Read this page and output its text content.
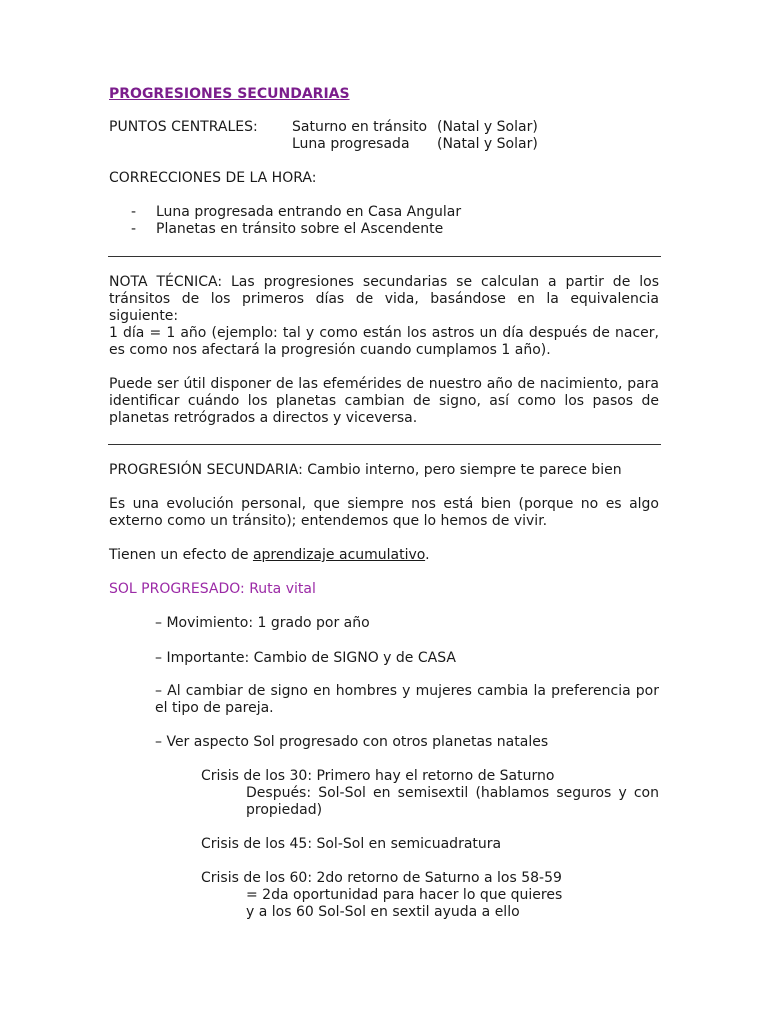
PROGRESIONES SECUNDARIAS
PUNTOS CENTRALES: Saturno en tránsito (Natal y Solar)
Luna progresada (Natal y Solar)
CORRECCIONES DE LA HORA:
- Luna progresada entrando en Casa Angular
- Planetas en tránsito sobre el Ascendente
NOTA TÉCNICA: Las progresiones secundarias se calculan a partir de los tránsitos de los primeros días de vida, basándose en la equivalencia siguiente:
1 día = 1 año (ejemplo: tal y como están los astros un día después de nacer, es como nos afectará la progresión cuando cumplamos 1 año).
Puede ser útil disponer de las efemérides de nuestro año de nacimiento, para identificar cuándo los planetas cambian de signo, así como los pasos de planetas retrógrados a directos y viceversa.
PROGRESIÓN SECUNDARIA: Cambio interno, pero siempre te parece bien
Es una evolución personal, que siempre nos está bien (porque no es algo externo como un tránsito); entendemos que lo hemos de vivir.
Tienen un efecto de aprendizaje acumulativo.
SOL PROGRESADO: Ruta vital
– Movimiento: 1 grado por año
– Importante: Cambio de SIGNO y de CASA
– Al cambiar de signo en hombres y mujeres cambia la preferencia por el tipo de pareja.
– Ver aspecto Sol progresado con otros planetas natales
Crisis de los 30: Primero hay el retorno de Saturno
Después: Sol-Sol en semisextil (hablamos seguros y con propiedad)
Crisis de los 45: Sol-Sol en semicuadratura
Crisis de los 60: 2do retorno de Saturno a los 58-59
= 2da oportunidad para hacer lo que quieres
y a los 60 Sol-Sol en sextil ayuda a ello
